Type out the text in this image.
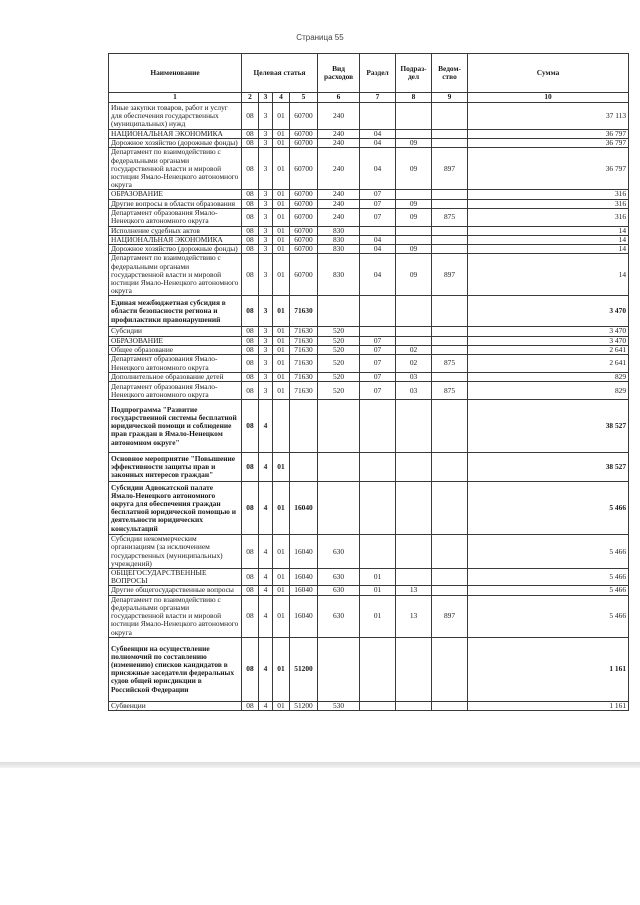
Страница 55
Наименование	Целевая статья				Вид расходов	Раздел	Подраз-дел	Ведом-ство	Сумма
1	2	3	4	5	6	7	8	9	10
Иные закупки товаров, работ и услуг для обеспечения государственных (муниципальных) нужд	08	3	01	60700	240				37 113
НАЦИОНАЛЬНАЯ ЭКОНОМИКА	08	3	01	60700	240	04			36 797
Дорожное хозяйство (дорожные фонды)	08	3	01	60700	240	04	09		36 797
Департамент по взаимодействию с федеральными органами государственной власти и мировой юстиции Ямало-Ненецкого автономного округа	08	3	01	60700	240	04	09	897	36 797
ОБРАЗОВАНИЕ	08	3	01	60700	240	07			316
Другие вопросы в области образования	08	3	01	60700	240	07	09		316
Департамент образования Ямало-Ненецкого автономного округа	08	3	01	60700	240	07	09	875	316
Исполнение судебных актов	08	3	01	60700	830				14
НАЦИОНАЛЬНАЯ ЭКОНОМИКА	08	3	01	60700	830	04			14
Дорожное хозяйство (дорожные фонды)	08	3	01	60700	830	04	09		14
Департамент по взаимодействию с федеральными органами государственной власти и мировой юстиции Ямало-Ненецкого автономного округа	08	3	01	60700	830	04	09	897	14
Единая межбюджетная субсидия в области безопасности региона и профилактики правонарушений	08	3	01	71630					3 470
Субсидии	08	3	01	71630	520				3 470
ОБРАЗОВАНИЕ	08	3	01	71630	520	07			3 470
Общее образование	08	3	01	71630	520	07	02		2 641
Департамент образования Ямало-Ненецкого автономного округа	08	3	01	71630	520	07	02	875	2 641
Дополнительное образование детей	08	3	01	71630	520	07	03		829
Департамент образования Ямало-Ненецкого автономного округа	08	3	01	71630	520	07	03	875	829
Подпрограмма "Развитие государственной системы бесплатной юридической помощи и соблюдение прав граждан в Ямало-Ненецком автономном округе"	08	4							38 527
Основное мероприятие "Повышение эффективности защиты прав и законных интересов граждан"	08	4	01						38 527
Субсидии Адвокатской палате Ямало-Ненецкого автономного округа для обеспечения граждан бесплатной юридической помощью и деятельности юридических консультаций	08	4	01	16040					5 466
Субсидии некоммерческим организациям (за исключением государственных (муниципальных) учреждений)	08	4	01	16040	630				5 466
ОБЩЕГОСУДАРСТВЕННЫЕ ВОПРОСЫ	08	4	01	16040	630	01			5 466
Другие общегосударственные вопросы	08	4	01	16040	630	01	13		5 466
Департамент по взаимодействию с федеральными органами государственной власти и мировой юстиции Ямало-Ненецкого автономного округа	08	4	01	16040	630	01	13	897	5 466
Субвенции на осуществление полномочий по составлению (изменению) списков кандидатов в присяжные заседатели федеральных судов общей юрисдикции в Российской Федерации	08	4	01	51200					1 161
Субвенции	08	4	01	51200	530				1 161
